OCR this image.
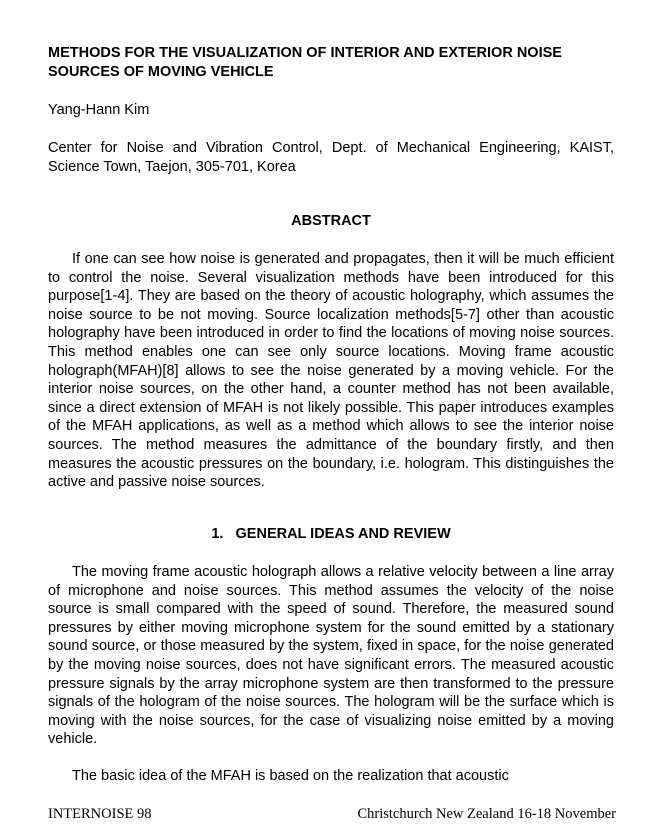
METHODS FOR THE VISUALIZATION OF INTERIOR AND EXTERIOR NOISE SOURCES OF MOVING VEHICLE

Yang-Hann Kim

Center for Noise and Vibration Control, Dept. of Mechanical Engineering, KAIST, Science Town, Taejon, 305-701, Korea

ABSTRACT

If one can see how noise is generated and propagates, then it will be much efficient to control the noise. Several visualization methods have been introduced for this purpose[1-4]. They are based on the theory of acoustic holography, which assumes the noise source to be not moving. Source localization methods[5-7] other than acoustic holography have been introduced in order to find the locations of moving noise sources. This method enables one can see only source locations. Moving frame acoustic holograph(MFAH)[8] allows to see the noise generated by a moving vehicle. For the interior noise sources, on the other hand, a counter method has not been available, since a direct extension of MFAH is not likely possible. This paper introduces examples of the MFAH applications, as well as a method which allows to see the interior noise sources. The method measures the admittance of the boundary firstly, and then measures the acoustic pressures on the boundary, i.e. hologram. This distinguishes the active and passive noise sources.

1.   GENERAL IDEAS AND REVIEW

The moving frame acoustic holograph allows a relative velocity between a line array of microphone and noise sources. This method assumes the velocity of the noise source is small compared with the speed of sound. Therefore, the measured sound pressures by either moving microphone system for the sound emitted by a stationary sound source, or those measured by the system, fixed in space, for the noise generated by the moving noise sources, does not have significant errors. The measured acoustic pressure signals by the array microphone system are then transformed to the pressure signals of the hologram of the noise sources. The hologram will be the surface which is moving with the noise sources, for the case of visualizing noise emitted by a moving vehicle.

The basic idea of the MFAH is based on the realization that acoustic

INTERNOISE 98	Christchurch New Zealand 16-18 November
